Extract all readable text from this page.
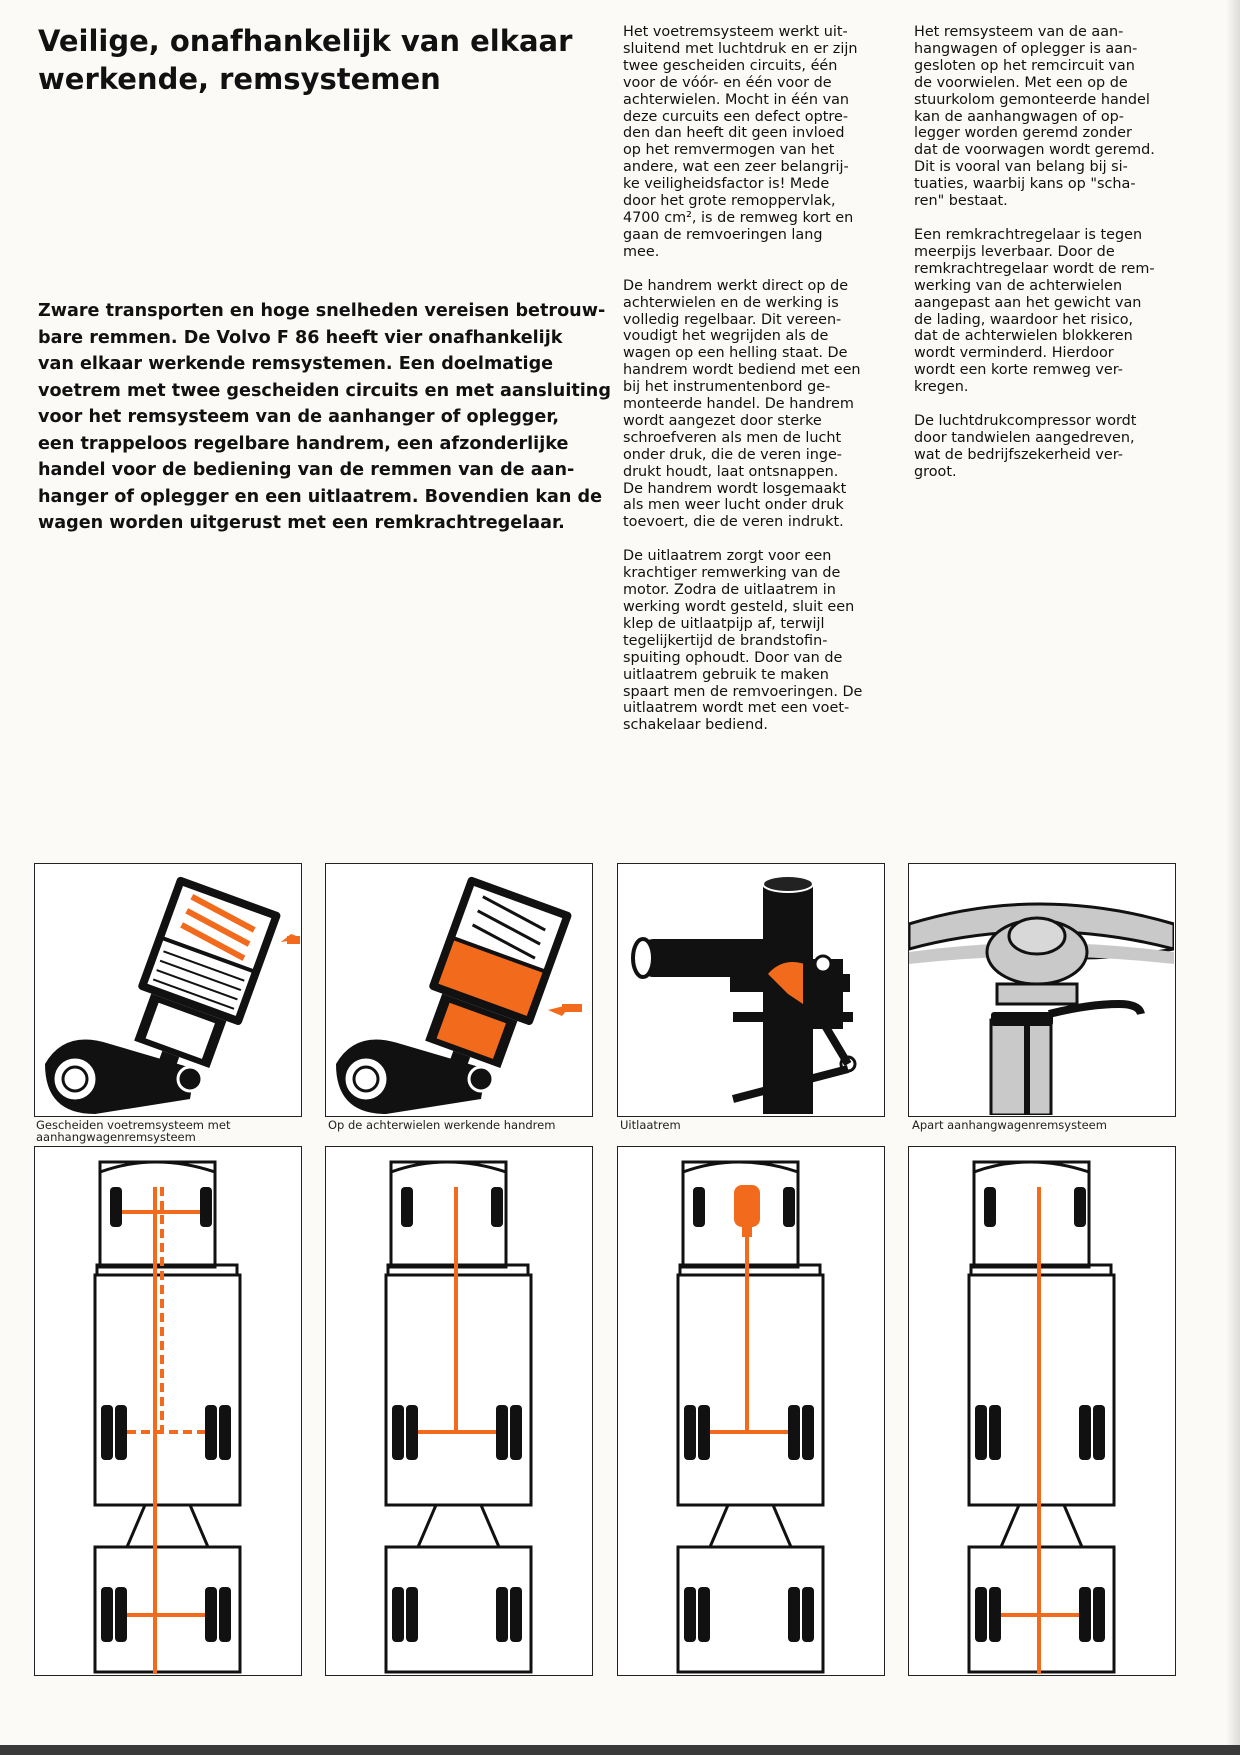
Veilige, onafhankelijk van elkaar
werkende, remsystemen
Zware transporten en hoge snelheden vereisen betrouw-
bare remmen. De Volvo F 86 heeft vier onafhankelijk
van elkaar werkende remsystemen. Een doelmatige
voetrem met twee gescheiden circuits en met aansluiting
voor het remsysteem van de aanhanger of oplegger,
een trappeloos regelbare handrem, een afzonderlijke
handel voor de bediening van de remmen van de aan-
hanger of oplegger en een uitlaatrem. Bovendien kan de
wagen worden uitgerust met een remkrachtregelaar.

Het voetremsysteem werkt uit-
sluitend met luchtdruk en er zijn
twee gescheiden circuits, één
voor de vóór- en één voor de
achterwielen. Mocht in één van
deze curcuits een defect optre-
den dan heeft dit geen invloed
op het remvermogen van het
andere, wat een zeer belangrij-
ke veiligheidsfactor is! Mede
door het grote remoppervlak,
4700 cm², is de remweg kort en
gaan de remvoeringen lang
mee.

De handrem werkt direct op de
achterwielen en de werking is
volledig regelbaar. Dit vereen-
voudigt het wegrijden als de
wagen op een helling staat. De
handrem wordt bediend met een
bij het instrumentenbord ge-
monteerde handel. De handrem
wordt aangezet door sterke
schroefveren als men de lucht
onder druk, die de veren inge-
drukt houdt, laat ontsnappen.
De handrem wordt losgemaakt
als men weer lucht onder druk
toevoert, die de veren indrukt.

De uitlaatrem zorgt voor een
krachtiger remwerking van de
motor. Zodra de uitlaatrem in
werking wordt gesteld, sluit een
klep de uitlaatpijp af, terwijl
tegelijkertijd de brandstofin-
spuiting ophoudt. Door van de
uitlaatrem gebruik te maken
spaart men de remvoeringen. De
uitlaatrem wordt met een voet-
schakelaar bediend.

Het remsysteem van de aan-
hangwagen of oplegger is aan-
gesloten op het remcircuit van
de voorwielen. Met een op de
stuurkolom gemonteerde handel
kan de aanhangwagen of op-
legger worden geremd zonder
dat de voorwagen wordt geremd.
Dit is vooral van belang bij si-
tuaties, waarbij kans op "scha-
ren" bestaat.

Een remkrachtregelaar is tegen
meerpijs leverbaar. Door de
remkrachtregelaar wordt de rem-
werking van de achterwielen
aangepast aan het gewicht van
de lading, waardoor het risico,
dat de achterwielen blokkeren
wordt verminderd. Hierdoor
wordt een korte remweg ver-
kregen.

De luchtdrukcompressor wordt
door tandwielen aangedreven,
wat de bedrijfszekerheid ver-
groot.

Gescheiden voetremsysteem met
aanhangwagenremsysteem
Op de achterwielen werkende handrem	Uitlaatrem	Apart aanhangwagenremsysteem
